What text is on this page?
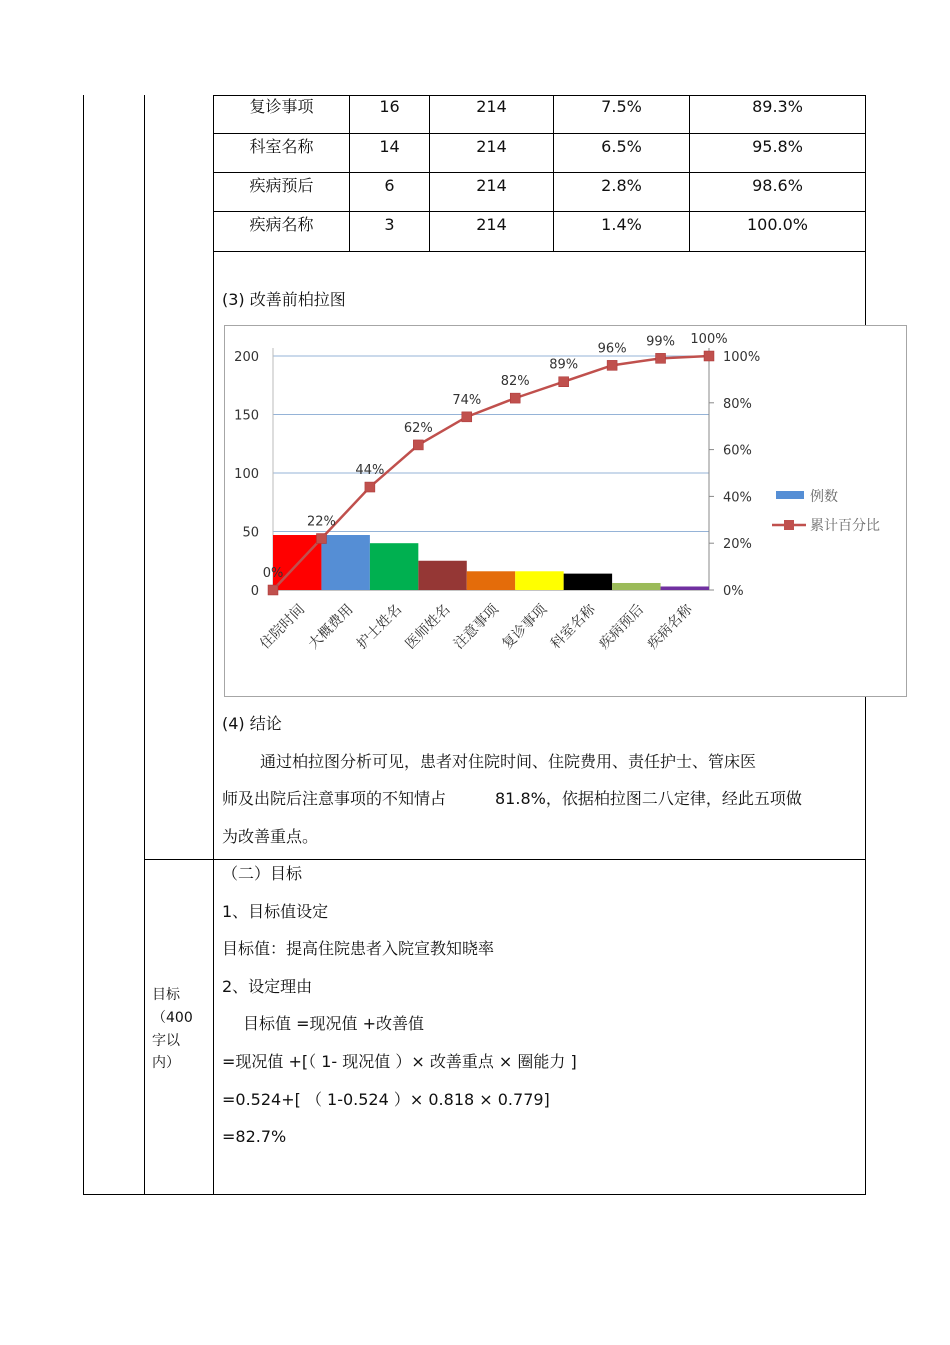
复诊事项	16	214	7.5%	89.3%
科室名称	14	214	6.5%	95.8%
疾病预后	6	214	2.8%	98.6%
疾病名称	3	214	1.4%	100.0%
(3) 改善前柏拉图
0
50
100
150
200
0%
20%
40%
60%
80%
100%
住院时间
大概费用
护士姓名
医师姓名
注意事项
复诊事项
科室名称
疾病预后
疾病名称
0%
22%
44%
62%
74%
82%
89%
96% 99% 100%
例数
累计百分比
(4) 结论
通过柏拉图分析可见，患者对住院时间、住院费用、责任护士、管床医
师及出院后注意事项的不知情占	81.8%，依据柏拉图二八定律，经此五项做
为改善重点。
目标
（400
字以
内）
（二）目标
1、目标值设定
目标值：提高住院患者入院宣教知晓率
2、设定理由
目标值 =现况值 +改善值
=现况值 +[（ 1- 现况值 ）× 改善重点 × 圈能力 ]
=0.524+[ （ 1-0.524 ）× 0.818 × 0.779]
=82.7%
